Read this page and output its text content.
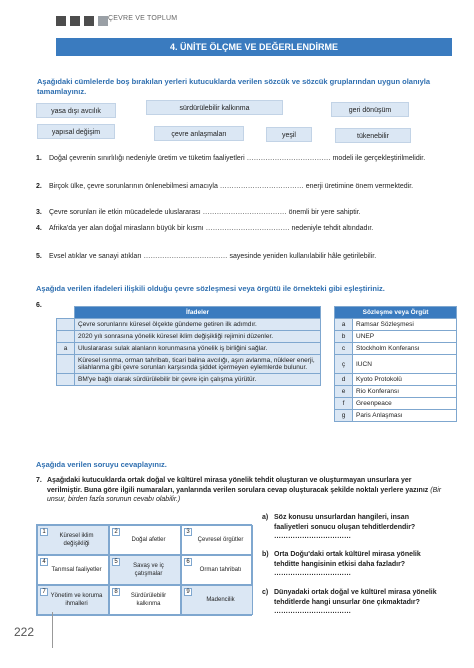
ÇEVRE VE TOPLUM
4. ÜNİTE ÖLÇME VE DEĞERLENDİRME
Aşağıdaki cümlelerde boş bırakılan yerleri kutucuklarda verilen sözcük ve sözcük gruplarından uygun olanıyla tamamlayınız.
yasa dışı avcılık	sürdürülebilir kalkınma	geri dönüşüm
yapısal değişim	çevre anlaşmaları	yeşil	tükenebilir
1. Doğal çevrenin sınırlılığı nedeniyle üretim ve tüketim faaliyetleri ……………………………… modeli ile gerçekleştirilmelidir.
2. Birçok ülke, çevre sorunlarının önlenebilmesi amacıyla ……………………………… enerji üretimine önem vermektedir.
3. Çevre sorunları ile etkin mücadelede uluslararası ……………………………… önemli bir yere sahiptir.
4. Afrika'da yer alan doğal mirasların büyük bir kısmı ……………………………… nedeniyle tehdit altındadır.
5. Evsel atıklar ve sanayi atıkları ……………………………… sayesinde yeniden kullanılabilir hâle getirilebilir.
Aşağıda verilen ifadeleri ilişkili olduğu çevre sözleşmesi veya örgütü ile örnekteki gibi eşleştiriniz.
6.
	İfadeler		Sözleşme veya Örgüt	
	Çevre sorunlarını küresel ölçekte gündeme getiren ilk adımdır.		a	Ramsar Sözleşmesi
	2020 yılı sonrasına yönelik küresel iklim değişikliği rejimini düzenler.		b	UNEP
a	Uluslararası sulak alanların korunmasına yönelik iş birliğini sağlar.		c	Stockholm Konferansı
	Küresel ısınma, orman tahribatı, ticari balina avcılığı, aşırı avlanma, nükleer enerji, silahlanma gibi çevre sorunları karşısında şiddet içermeyen eylemlerde bulunur.		ç	IUCN
	BM'ye bağlı olarak sürdürülebilir bir çevre için çalışma yürütür.		d	Kyoto Protokolü
			e	Rio Konferansı
			f	Greenpeace
			g	Paris Anlaşması
Aşağıda verilen soruyu cevaplayınız.
7. Aşağıdaki kutucuklarda ortak doğal ve kültürel mirasa yönelik tehdit oluşturan ve oluşturmayan unsurlara yer verilmiştir. Buna göre ilgili numaraları, yanlarında verilen sorulara cevap oluşturacak şekilde noktalı yerlere yazınız (Bir unsur, birden fazla sorunun cevabı olabilir.)
1
Küresel iklim değişikliği
2
Doğal afetler
3
Çevresel örgütler
4
Tarımsal faaliyetler
5
Savaş ve iç çatışmalar
6
Orman tahribatı
7
Yönetim ve koruma ihmalleri
8
Sürdürülebilir kalkınma
9
Madencilik
a) Söz konusu unsurlardan hangileri, insan faaliyetleri sonucu oluşan tehditlerdendir? ……………………………
b) Orta Doğu'daki ortak kültürel mirasa yönelik tehditte hangisinin etkisi daha fazladır? ……………………………
c) Dünyadaki ortak doğal ve kültürel mirasa yönelik tehditlerde hangi unsurlar öne çıkmaktadır? ……………………………
222
